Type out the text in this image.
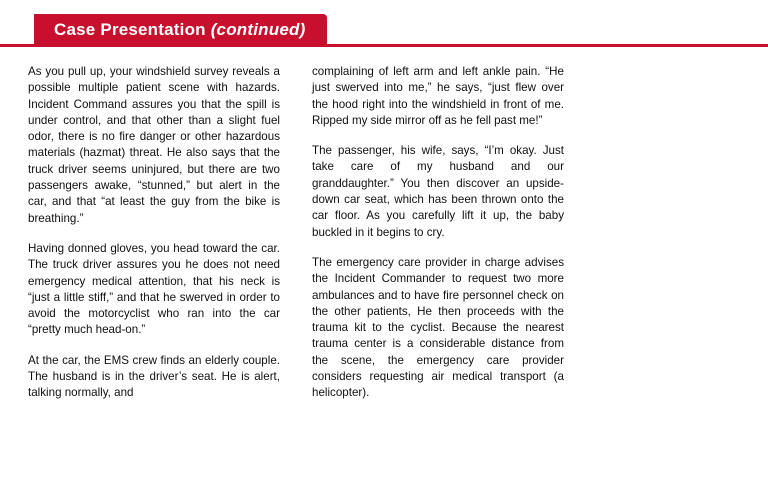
Case Presentation (continued)

As you pull up, your windshield survey reveals a possible multiple patient scene with hazards. Incident Command assures you that the spill is under control, and that other than a slight fuel odor, there is no fire danger or other hazardous materials (hazmat) threat. He also says that the truck driver seems uninjured, but there are two passengers awake, “stunned,” but alert in the car, and that “at least the guy from the bike is breathing.”

Having donned gloves, you head toward the car. The truck driver assures you he does not need emergency medical attention, that his neck is “just a little stiff,” and that he swerved in order to avoid the motorcyclist who ran into the car “pretty much head-on.”

At the car, the EMS crew finds an elderly couple. The husband is in the driver’s seat. He is alert, talking normally, and

complaining of left arm and left ankle pain. “He just swerved into me,” he says, “just flew over the hood right into the windshield in front of me. Ripped my side mirror off as he fell past me!”

The passenger, his wife, says, “I’m okay. Just take care of my husband and our granddaughter.” You then discover an upside-down car seat, which has been thrown onto the car floor. As you carefully lift it up, the baby buckled in it begins to cry.

The emergency care provider in charge advises the Incident Commander to request two more ambulances and to have fire personnel check on the other patients, He then proceeds with the trauma kit to the cyclist. Because the nearest trauma center is a considerable distance from the scene, the emergency care provider considers requesting air medical transport (a helicopter).
